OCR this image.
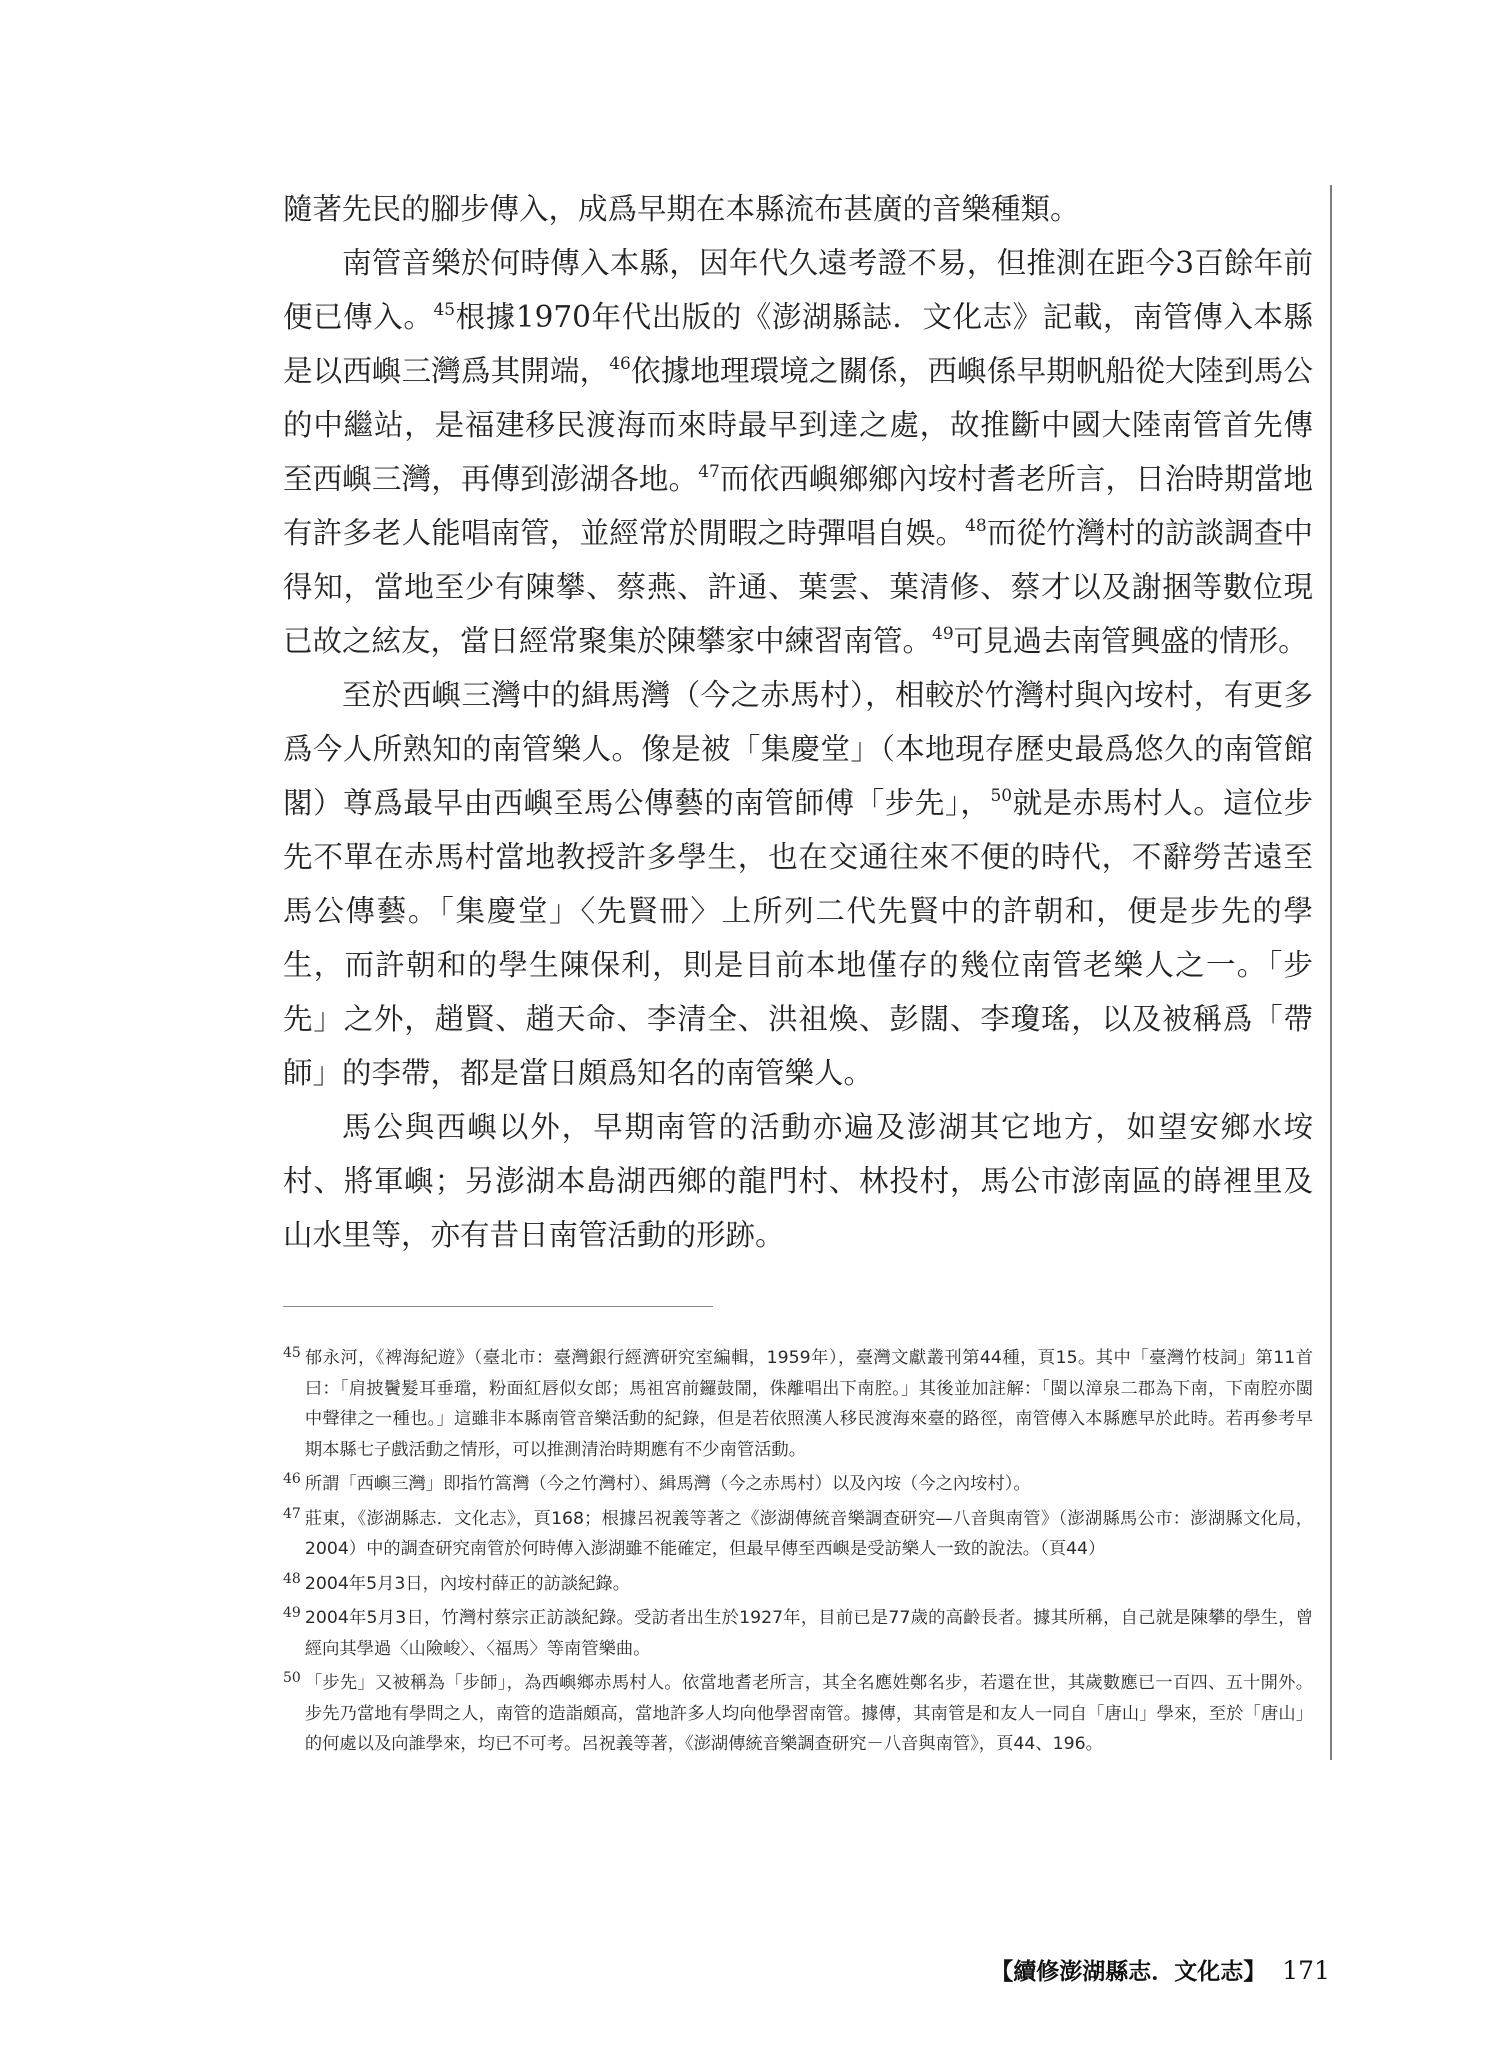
隨著先民的腳步傳入，成爲早期在本縣流布甚廣的音樂種類。

南管音樂於何時傳入本縣，因年代久遠考證不易，但推測在距今3百餘年前便已傳入。$^{45}$根據1970年代出版的《澎湖縣誌．文化志》記載，南管傳入本縣是以西嶼三灣爲其開端，$^{46}$依據地理環境之關係，西嶼係早期帆船從大陸到馬公的中繼站，是福建移民渡海而來時最早到達之處，故推斷中國大陸南管首先傳至西嶼三灣，再傳到澎湖各地。$^{47}$而依西嶼鄉鄉內垵村耆老所言，日治時期當地有許多老人能唱南管，並經常於閒暇之時彈唱自娛。$^{48}$而從竹灣村的訪談調查中得知，當地至少有陳攀、蔡燕、許通、葉雲、葉清修、蔡才以及謝捆等數位現已故之絃友，當日經常聚集於陳攀家中練習南管。$^{49}$可見過去南管興盛的情形。

至於西嶼三灣中的緝馬灣（今之赤馬村），相較於竹灣村與內垵村，有更多爲今人所熟知的南管樂人。像是被「集慶堂」（本地現存歷史最爲悠久的南管館閣）尊爲最早由西嶼至馬公傳藝的南管師傅「步先」，$^{50}$就是赤馬村人。這位步先不單在赤馬村當地教授許多學生，也在交通往來不便的時代，不辭勞苦遠至馬公傳藝。「集慶堂」〈先賢冊〉上所列二代先賢中的許朝和，便是步先的學生，而許朝和的學生陳保利，則是目前本地僅存的幾位南管老樂人之一。「步先」之外，趙賢、趙天命、李清全、洪祖煥、彭闊、李瓊瑤，以及被稱爲「帶師」的李帶，都是當日頗爲知名的南管樂人。

馬公與西嶼以外，早期南管的活動亦遍及澎湖其它地方，如望安鄉水垵村、將軍嶼；另澎湖本島湖西鄉的龍門村、林投村，馬公市澎南區的嵵裡里及山水里等，亦有昔日南管活動的形跡。

45 郁永河，《裨海紀遊》（臺北市：臺灣銀行經濟研究室編輯，1959年），臺灣文獻叢刊第44種，頁15。其中「臺灣竹枝詞」第11首曰：「肩披鬢髮耳垂璫，粉面紅唇似女郎；馬祖宮前鑼鼓鬧，侏離唱出下南腔。」其後並加註解：「閩以漳泉二郡為下南，下南腔亦閩中聲律之一種也。」這雖非本縣南管音樂活動的紀錄，但是若依照漢人移民渡海來臺的路徑，南管傳入本縣應早於此時。若再參考早期本縣七子戲活動之情形，可以推測清治時期應有不少南管活動。
46 所謂「西嶼三灣」即指竹篙灣（今之竹灣村）、緝馬灣（今之赤馬村）以及內垵（今之內垵村）。
47 莊東，《澎湖縣志．文化志》，頁168；根據呂祝義等著之《澎湖傳統音樂調查研究—八音與南管》（澎湖縣馬公市：澎湖縣文化局，2004）中的調查研究南管於何時傳入澎湖雖不能確定，但最早傳至西嶼是受訪樂人一致的說法。（頁44）
48 2004年5月3日，內垵村薛正的訪談紀錄。
49 2004年5月3日，竹灣村蔡宗正訪談紀錄。受訪者出生於1927年，目前已是77歲的高齡長者。據其所稱，自己就是陳攀的學生，曾經向其學過〈山險峻〉、〈福馬〉等南管樂曲。
50 「步先」又被稱為「步師」，為西嶼鄉赤馬村人。依當地耆老所言，其全名應姓鄭名步，若還在世，其歲數應已一百四、五十開外。步先乃當地有學問之人，南管的造詣頗高，當地許多人均向他學習南管。據傳，其南管是和友人一同自「唐山」學來，至於「唐山」的何處以及向誰學來，均已不可考。呂祝義等著，《澎湖傳統音樂調查研究－八音與南管》，頁44、196。
【續修澎湖縣志．文化志】 171
